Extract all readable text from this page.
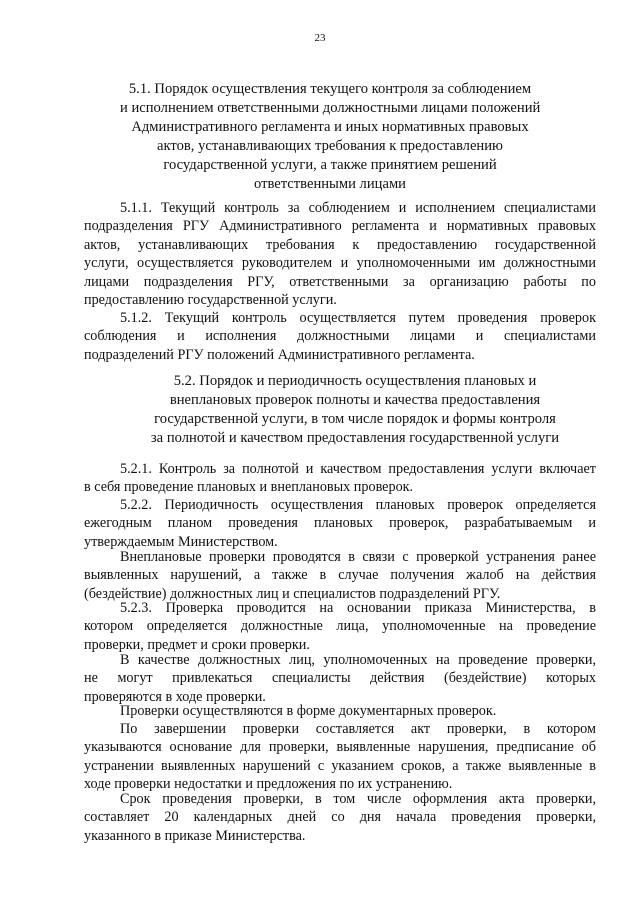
23
5.1. Порядок осуществления текущего контроля за соблюдением
и исполнением ответственными должностными лицами положений
Административного регламента и иных нормативных правовых
актов, устанавливающих требования к предоставлению
государственной услуги, а также принятием решений
ответственными лицами
5.1.1. Текущий контроль за соблюдением и исполнением специалистами
подразделения РГУ Административного регламента и нормативных правовых
актов, устанавливающих требования к предоставлению государственной
услуги, осуществляется руководителем и уполномоченными им должностными
лицами подразделения РГУ, ответственными за организацию работы по
предоставлению государственной услуги.
5.1.2. Текущий контроль осуществляется путем проведения проверок
соблюдения и исполнения должностными лицами и специалистами
подразделений РГУ положений Административного регламента.
5.2. Порядок и периодичность осуществления плановых и
внеплановых проверок полноты и качества предоставления
государственной услуги, в том числе порядок и формы контроля
за полнотой и качеством предоставления государственной услуги
5.2.1. Контроль за полнотой и качеством предоставления услуги включает
в себя проведение плановых и внеплановых проверок.
5.2.2. Периодичность осуществления плановых проверок определяется
ежегодным планом проведения плановых проверок, разрабатываемым и
утверждаемым Министерством.
Внеплановые проверки проводятся в связи с проверкой устранения ранее
выявленных нарушений, а также в случае получения жалоб на действия
(бездействие) должностных лиц и специалистов подразделений РГУ.
5.2.3. Проверка проводится на основании приказа Министерства, в
котором определяется должностные лица, уполномоченные на проведение
проверки, предмет и сроки проверки.
В качестве должностных лиц, уполномоченных на проведение проверки,
не могут привлекаться специалисты действия (бездействие) которых
проверяются в ходе проверки.
Проверки осуществляются в форме документарных проверок.
По завершении проверки составляется акт проверки, в котором
указываются основание для проверки, выявленные нарушения, предписание об
устранении выявленных нарушений с указанием сроков, а также выявленные в
ходе проверки недостатки и предложения по их устранению.
Срок проведения проверки, в том числе оформления акта проверки,
составляет 20 календарных дней со дня начала проведения проверки,
указанного в приказе Министерства.
